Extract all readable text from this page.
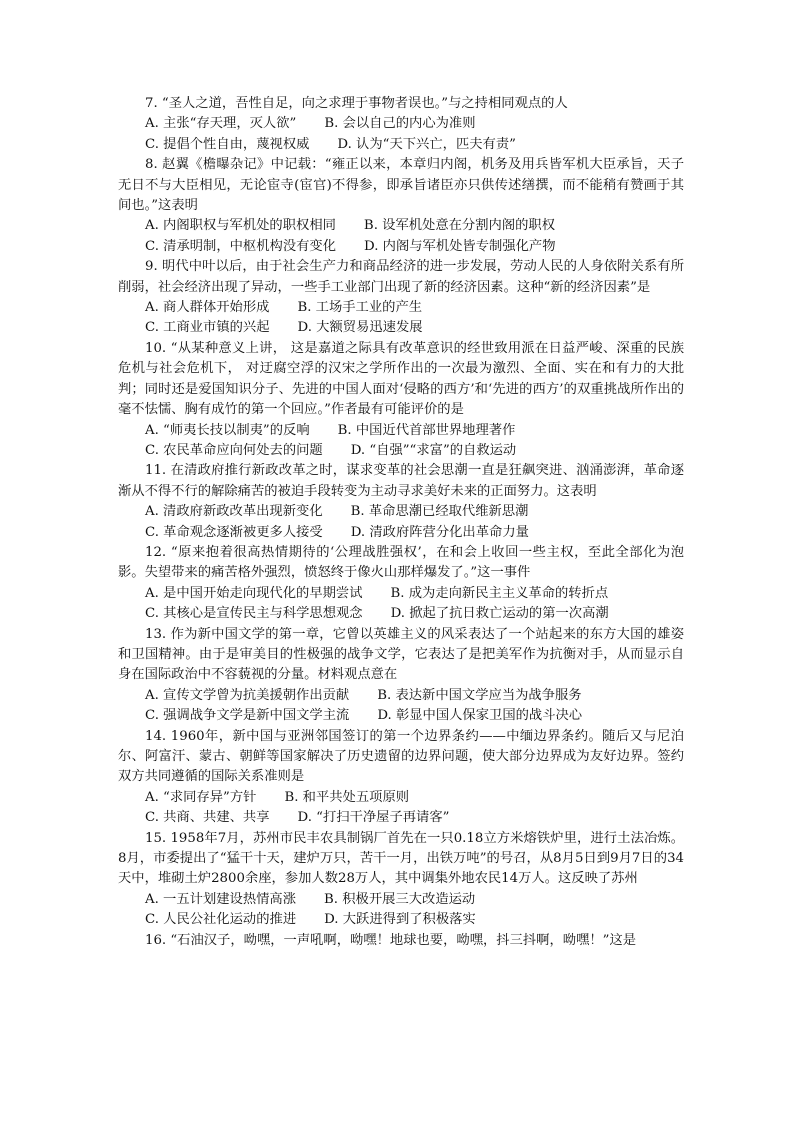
7. “圣人之道，吾性自足，向之求理于事物者误也。”与之持相同观点的人

A. 主张“存天理，灭人欲” B. 会以自己的内心为准则
C. 提倡个性自由，蔑视权威 D. 认为“天下兴亡，匹夫有责”

8. 赵翼《檐曝杂记》中记载：“雍正以来，本章归内阁，机务及用兵皆军机大臣承旨，天子无日不与大臣相见，无论宦寺(宦官)不得参，即承旨诸臣亦只供传述缮撰，而不能稍有赞画于其间也。”这表明

A. 内阁职权与军机处的职权相同 B. 设军机处意在分割内阁的职权
C. 清承明制，中枢机构没有变化 D. 内阁与军机处皆专制强化产物

9. 明代中叶以后，由于社会生产力和商品经济的进一步发展，劳动人民的人身依附关系有所削弱，社会经济出现了异动，一些手工业部门出现了新的经济因素。这种“新的经济因素”是

A. 商人群体开始形成 B. 工场手工业的产生
C. 工商业市镇的兴起 D. 大额贸易迅速发展

10. “从某种意义上讲， 这是嘉道之际具有改革意识的经世致用派在日益严峻、深重的民族危机与社会危机下， 对迂腐空浮的汉宋之学所作出的一次最为激烈、全面、实在和有力的大批判；同时还是爱国知识分子、先进的中国人面对‘侵略的西方’和‘先进的西方’的双重挑战所作出的毫不怯懦、胸有成竹的第一个回应。”作者最有可能评价的是

A. “师夷长技以制夷”的反响 B. 中国近代首部世界地理著作
C. 农民革命应向何处去的问题 D. “自强”“求富”的自救运动

11. 在清政府推行新政改革之时，谋求变革的社会思潮一直是狂飙突进、汹涌澎湃，革命逐渐从不得不行的解除痛苦的被迫手段转变为主动寻求美好未来的正面努力。这表明

A. 清政府新政改革出现新变化 B. 革命思潮已经取代维新思潮
C. 革命观念逐渐被更多人接受 D. 清政府阵营分化出革命力量

12. “原来抱着很高热情期待的‘公理战胜强权’，在和会上收回一些主权，至此全部化为泡影。失望带来的痛苦格外强烈，愤怒终于像火山那样爆发了。”这一事件

A. 是中国开始走向现代化的早期尝试 B. 成为走向新民主主义革命的转折点
C. 其核心是宣传民主与科学思想观念 D. 掀起了抗日救亡运动的第一次高潮

13. 作为新中国文学的第一章，它曾以英雄主义的风采表达了一个站起来的东方大国的雄姿和卫国精神。由于是审美目的性极强的战争文学，它表达了是把美军作为抗衡对手，从而显示自身在国际政治中不容藐视的分量。材料观点意在

A. 宣传文学曾为抗美援朝作出贡献 B. 表达新中国文学应当为战争服务
C. 强调战争文学是新中国文学主流 D. 彰显中国人保家卫国的战斗决心

14. 1960年，新中国与亚洲邻国签订的第一个边界条约——中缅边界条约。随后又与尼泊尔、阿富汗、蒙古、朝鲜等国家解决了历史遗留的边界问题，使大部分边界成为友好边界。签约双方共同遵循的国际关系准则是

A. “求同存异”方针 B. 和平共处五项原则
C. 共商、共建、共享 D. “打扫干净屋子再请客”

15. 1958年7月，苏州市民丰农具制锅厂首先在一只0.18立方米熔铁炉里，进行土法冶炼。8月，市委提出了“猛干十天，建炉万只，苦干一月，出铁万吨”的号召，从8月5日到9月7日的34天中，堆砌土炉2800余座，参加人数28万人，其中调集外地农民14万人。这反映了苏州

A. 一五计划建设热情高涨 B. 积极开展三大改造运动
C. 人民公社化运动的推进 D. 大跃进得到了积极落实

16. “石油汉子，呦嘿，一声吼啊，呦嘿！地球也要，呦嘿，抖三抖啊，呦嘿！”这是
